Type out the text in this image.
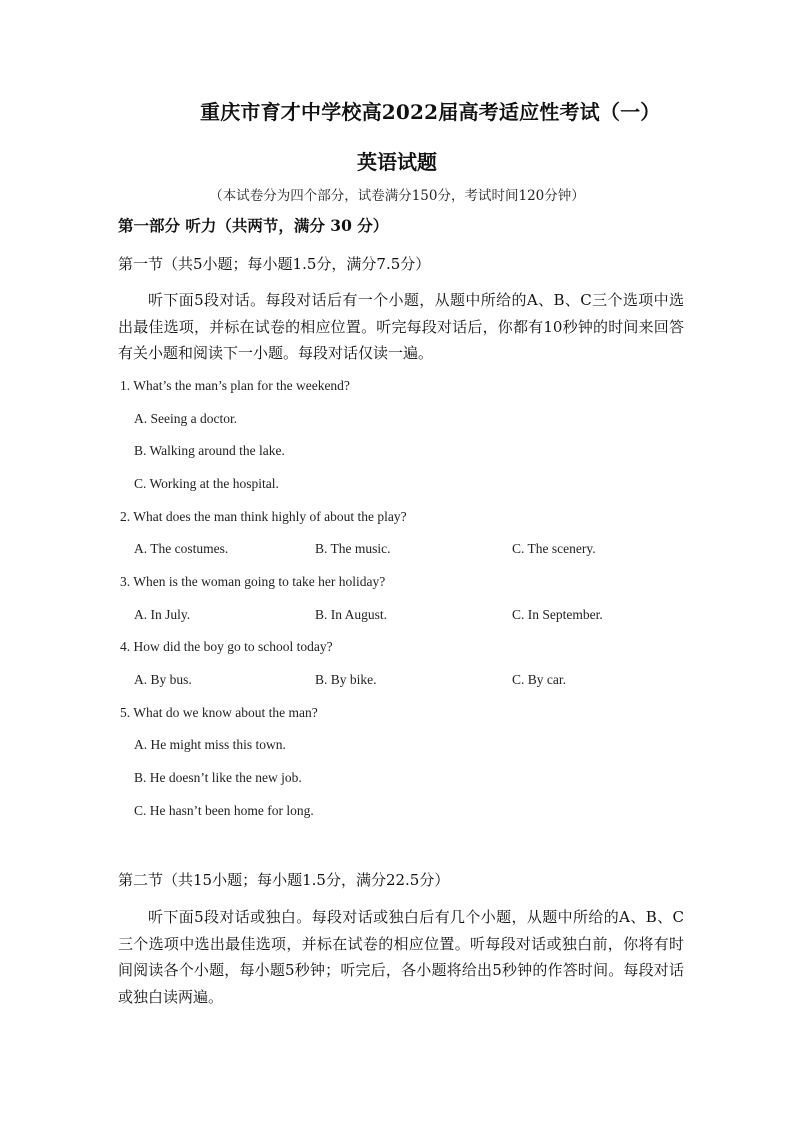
重庆市育才中学校高2022届高考适应性考试（一）
英语试题
（本试卷分为四个部分，试卷满分150分，考试时间120分钟）
第一部分 听力（共两节，满分 30 分）
第一节（共5小题；每小题1.5分，满分7.5分）
听下面5段对话。每段对话后有一个小题，从题中所给的A、B、C三个选项中选出最佳选项，并标在试卷的相应位置。听完每段对话后，你都有10秒钟的时间来回答有关小题和阅读下一小题。每段对话仅读一遍。
1. What’s the man’s plan for the weekend?
A. Seeing a doctor.
B. Walking around the lake.
C. Working at the hospital.
2. What does the man think highly of about the play?
A. The costumes.	B. The music.	C. The scenery.
3. When is the woman going to take her holiday?
A. In July.	B. In August.	C. In September.
4. How did the boy go to school today?
A. By bus.	B. By bike.	C. By car.
5. What do we know about the man?
A. He might miss this town.
B. He doesn’t like the new job.
C. He hasn’t been home for long.
第二节（共15小题；每小题1.5分，满分22.5分）
听下面5段对话或独白。每段对话或独白后有几个小题，从题中所给的A、B、C三个选项中选出最佳选项，并标在试卷的相应位置。听每段对话或独白前，你将有时间阅读各个小题，每小题5秒钟；听完后，各小题将给出5秒钟的作答时间。每段对话或独白读两遍。
